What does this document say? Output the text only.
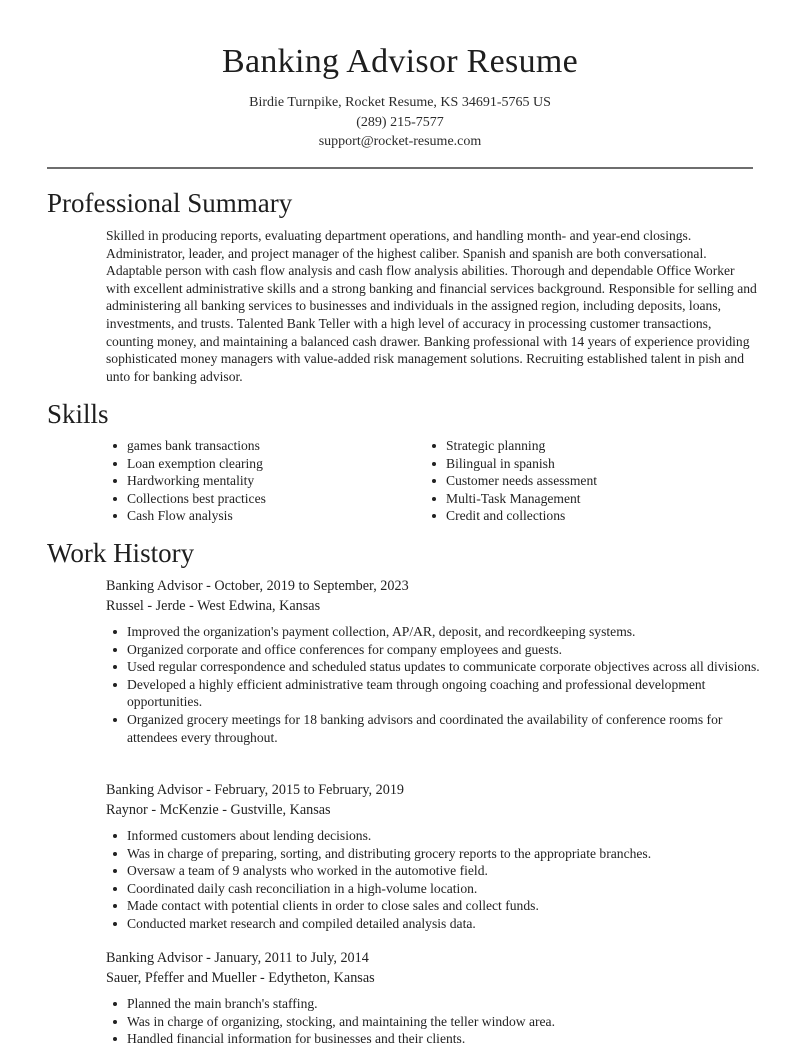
Banking Advisor Resume
Birdie Turnpike, Rocket Resume, KS 34691-5765 US
(289) 215-7577
support@rocket-resume.com
Professional Summary
Skilled in producing reports, evaluating department operations, and handling month- and year-end closings. Administrator, leader, and project manager of the highest caliber. Spanish and spanish are both conversational. Adaptable person with cash flow analysis and cash flow analysis abilities. Thorough and dependable Office Worker with excellent administrative skills and a strong banking and financial services background. Responsible for selling and administering all banking services to businesses and individuals in the assigned region, including deposits, loans, investments, and trusts. Talented Bank Teller with a high level of accuracy in processing customer transactions, counting money, and maintaining a balanced cash drawer. Banking professional with 14 years of experience providing sophisticated money managers with value-added risk management solutions. Recruiting established talent in pish and unto for banking advisor.
Skills
games bank transactions
Loan exemption clearing
Hardworking mentality
Collections best practices
Cash Flow analysis
Strategic planning
Bilingual in spanish
Customer needs assessment
Multi-Task Management
Credit and collections
Work History
Banking Advisor - October, 2019 to September, 2023
Russel - Jerde - West Edwina, Kansas
Improved the organization's payment collection, AP/AR, deposit, and recordkeeping systems.
Organized corporate and office conferences for company employees and guests.
Used regular correspondence and scheduled status updates to communicate corporate objectives across all divisions.
Developed a highly efficient administrative team through ongoing coaching and professional development opportunities.
Organized grocery meetings for 18 banking advisors and coordinated the availability of conference rooms for attendees every throughout.
Banking Advisor - February, 2015 to February, 2019
Raynor - McKenzie - Gustville, Kansas
Informed customers about lending decisions.
Was in charge of preparing, sorting, and distributing grocery reports to the appropriate branches.
Oversaw a team of 9 analysts who worked in the automotive field.
Coordinated daily cash reconciliation in a high-volume location.
Made contact with potential clients in order to close sales and collect funds.
Conducted market research and compiled detailed analysis data.
Banking Advisor - January, 2011 to July, 2014
Sauer, Pfeffer and Mueller - Edytheton, Kansas
Planned the main branch's staffing.
Was in charge of organizing, stocking, and maintaining the teller window area.
Handled financial information for businesses and their clients.
